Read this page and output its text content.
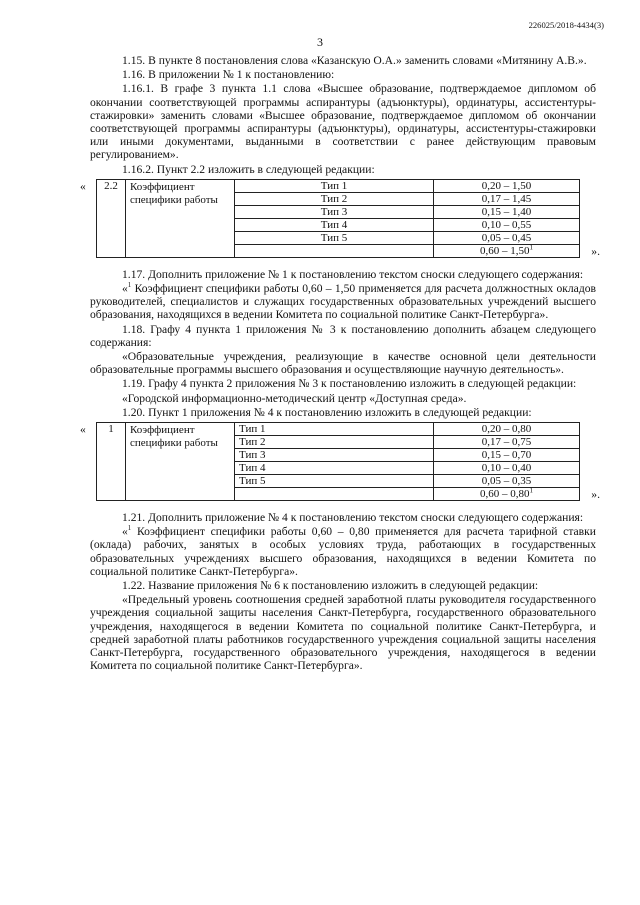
226025/2018-4434(3)
3

1.15. В пункте 8 постановления слова «Казанскую О.А.» заменить словами «Митянину А.В.».

1.16. В приложении № 1 к постановлению:

1.16.1. В графе 3 пункта 1.1 слова «Высшее образование, подтверждаемое дипломом об окончании соответствующей программы аспирантуры (адъюнктуры), ординатуры, ассистентуры-стажировки» заменить словами «Высшее образование, подтверждаемое дипломом об окончании соответствующей программы аспирантуры (адъюнктуры), ординатуры, ассистентуры-стажировки или иными документами, выданными в соответствии с ранее действующим правовым регулированием».

1.16.2. Пункт 2.2 изложить в следующей редакции:

« 2.2	Коэффициент специфики работы	Тип 1	0,20 – 1,50
		Тип 2	0,17 – 1,45
		Тип 3	0,15 – 1,40
		Тип 4	0,10 – 0,55
		Тип 5	0,05 – 0,45
			0,60 – 1,50$^1$	».

1.17. Дополнить приложение № 1 к постановлению текстом сноски следующего содержания:

«$^1$ Коэффициент специфики работы 0,60 – 1,50 применяется для расчета должностных окладов руководителей, специалистов и служащих государственных образовательных учреждений высшего образования, находящихся в ведении Комитета по социальной политике Санкт-Петербурга».

1.18. Графу 4 пункта 1 приложения № 3 к постановлению дополнить абзацем следующего содержания:

«Образовательные учреждения, реализующие в качестве основной цели деятельности образовательные программы высшего образования и осуществляющие научную деятельность».

1.19. Графу 4 пункта 2 приложения № 3 к постановлению изложить в следующей редакции:

«Городской информационно-методический центр «Доступная среда».

1.20. Пункт 1 приложения № 4 к постановлению изложить в следующей редакции:

« 1	Коэффициент специфики работы	Тип 1	0,20 – 0,80
		Тип 2	0,17 – 0,75
		Тип 3	0,15 – 0,70
		Тип 4	0,10 – 0,40
		Тип 5	0,05 – 0,35
			0,60 – 0,80$^1$	».

1.21. Дополнить приложение № 4 к постановлению текстом сноски следующего содержания:

«$^1$ Коэффициент специфики работы 0,60 – 0,80 применяется для расчета тарифной ставки (оклада) рабочих, занятых в особых условиях труда, работающих в государственных образовательных учреждениях высшего образования, находящихся в ведении Комитета по социальной политике Санкт-Петербурга».

1.22. Название приложения № 6 к постановлению изложить в следующей редакции:

«Предельный уровень соотношения средней заработной платы руководителя государственного учреждения социальной защиты населения Санкт-Петербурга, государственного образовательного учреждения, находящегося в ведении Комитета по социальной политике Санкт-Петербурга, и средней заработной платы работников государственного учреждения социальной защиты населения Санкт-Петербурга, государственного образовательного учреждения, находящегося в ведении Комитета по социальной политике Санкт-Петербурга».
